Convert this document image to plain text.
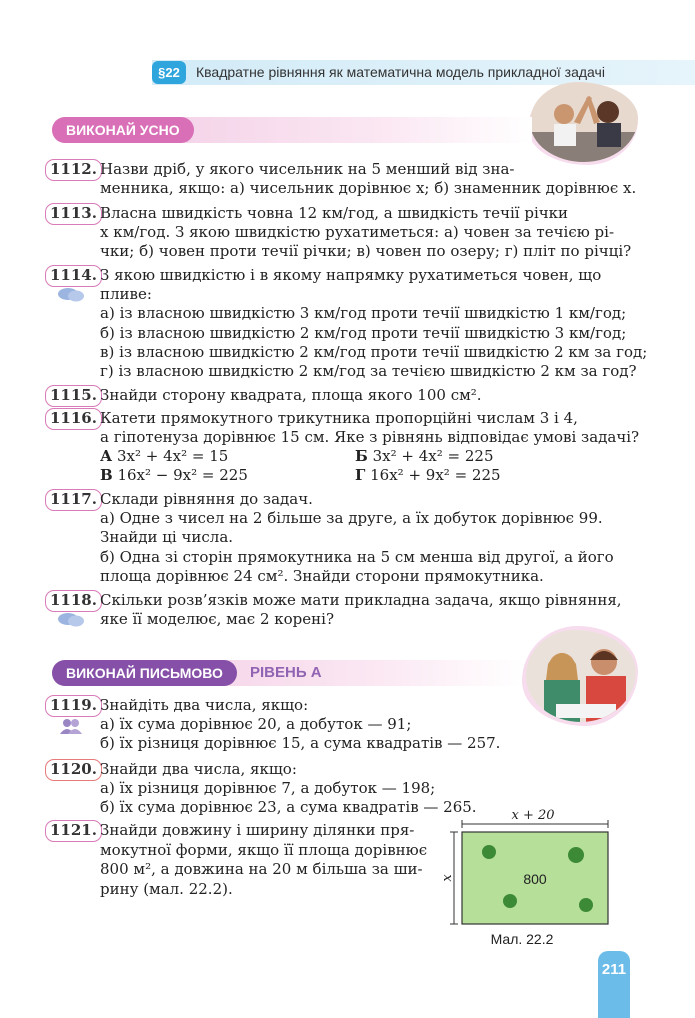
§22	Квадратне рівняння як математична модель прикладної задачі
ВИКОНАЙ УСНО
1112. Назви дріб, у якого чисельник на 5 менший від зна-
менника, якщо: а) чисельник дорівнює x; б) знаменник дорівнює x.
1113. Власна швидкість човна 12 км/год, а швидкість течії річки
x км/год. З якою швидкістю рухатиметься: а) човен за течією рі-
чки; б) човен проти течії річки; в) човен по озеру; г) пліт по річці?
1114. З якою швидкістю і в якому напрямку рухатиметься човен, що
пливе:
а) із власною швидкістю 3 км/год проти течії швидкістю 1 км/год;
б) із власною швидкістю 2 км/год проти течії швидкістю 3 км/год;
в) із власною швидкістю 2 км/год проти течії швидкістю 2 км за год;
г) із власною швидкістю 2 км/год за течією швидкістю 2 км за год?
1115. Знайди сторону квадрата, площа якого 100 см².
1116. Катети прямокутного трикутника пропорційні числам 3 і 4,
а гіпотенуза дорівнює 15 см. Яке з рівнянь відповідає умові задачі?
А 3x² + 4x² = 15	Б 3x² + 4x² = 225
В 16x² − 9x² = 225	Г 16x² + 9x² = 225
1117. Склади рівняння до задач.
а) Одне з чисел на 2 більше за друге, а їх добуток дорівнює 99.
Знайди ці числа.
б) Одна зі сторін прямокутника на 5 см менша від другої, а його
площа дорівнює 24 см². Знайди сторони прямокутника.
1118. Скільки розв’язків може мати прикладна задача, якщо рівняння,
яке її моделює, має 2 корені?
ВИКОНАЙ ПИСЬМОВО	РІВЕНЬ А
1119. Знайдіть два числа, якщо:
а) їх сума дорівнює 20, а добуток — 91;
б) їх різниця дорівнює 15, а сума квадратів — 257.
1120. Знайди два числа, якщо:
а) їх різниця дорівнює 7, а добуток — 198;
б) їх сума дорівнює 23, а сума квадратів — 265.
1121. Знайди довжину і ширину ділянки пря-
мокутної форми, якщо її площа дорівнює
800 м², а довжина на 20 м більша за ши-
рину (мал. 22.2).
x + 20
x	800
Мал. 22.2
211
